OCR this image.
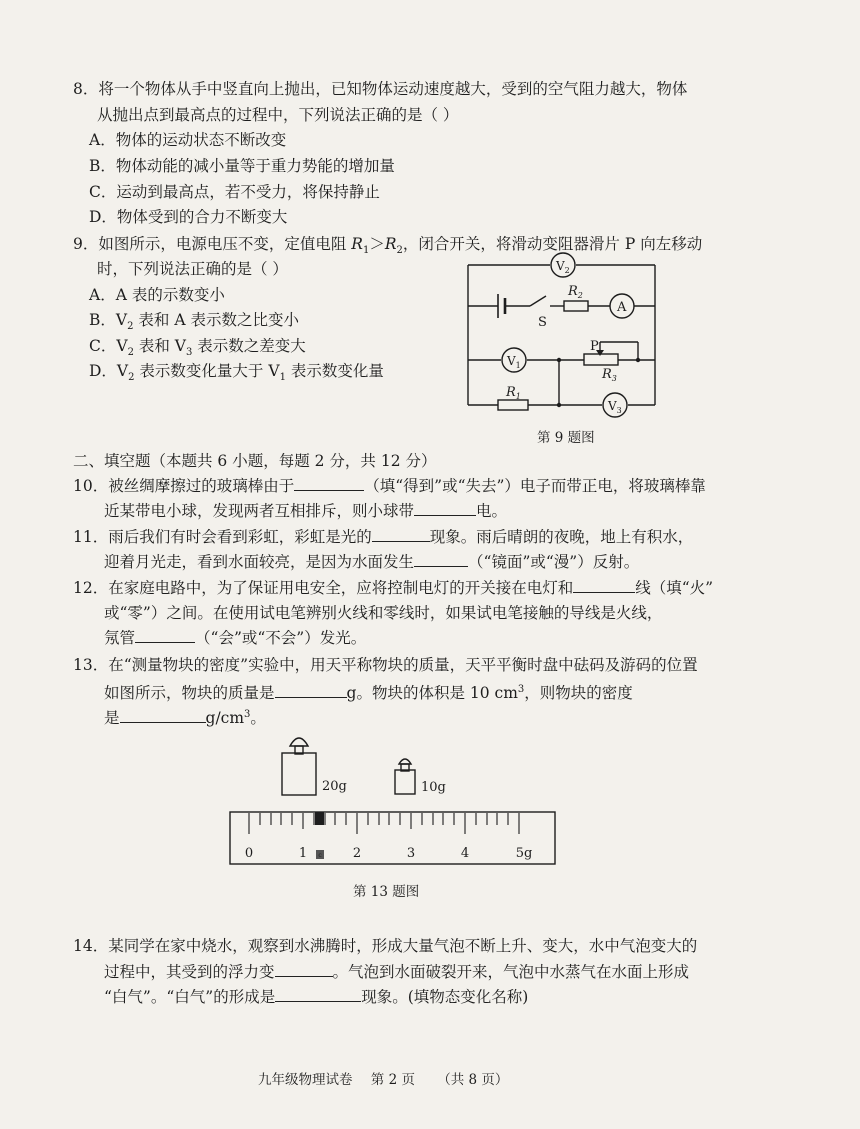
8．将一个物体从手中竖直向上抛出，已知物体运动速度越大，受到的空气阻力越大，物体
从抛出点到最高点的过程中，下列说法正确的是（ ）
A．物体的运动状态不断改变
B．物体动能的减小量等于重力势能的增加量
C．运动到最高点，若不受力，将保持静止
D．物体受到的合力不断变大
9．如图所示，电源电压不变，定值电阻 $R_1>R_2$，闭合开关，将滑动变阻器滑片 P 向左移动
时，下列说法正确的是（ ）
A．A 表的示数变小
B．$V_2$ 表和 A 表示数之比变小
C．$V_2$ 表和 $V_3$ 表示数之差变大
D．$V_2$ 表示数变化量大于 $V_1$ 表示数变化量
$V_2$
A
$V_1$
$V_3$
S
$R_2$
P
$R_3$
$R_1$
第 9 题图
二、填空题（本题共 6 小题，每题 2 分，共 12 分）
10．被丝绸摩擦过的玻璃棒由于	（填“得到”或“失去”）电子而带正电，将玻璃棒靠
近某带电小球，发现两者互相排斥，则小球带	电。
11．雨后我们有时会看到彩虹，彩虹是光的	现象。雨后晴朗的夜晚，地上有积水，
迎着月光走，看到水面较亮，是因为水面发生	（“镜面”或“漫”）反射。
12．在家庭电路中，为了保证用电安全，应将控制电灯的开关接在电灯和	线（填“火”
或“零”）之间。在使用试电笔辨别火线和零线时，如果试电笔接触的导线是火线，
氖管	（“会”或“不会”）发光。
13．在“测量物块的密度”实验中，用天平称物块的质量，天平平衡时盘中砝码及游码的位置
如图所示，物块的质量是	g。物块的体积是 10 $cm^3$，则物块的密度
是	$g/cm^3$。
c
20g	10g
0	1	2	3	4	5g
第 13 题图
14．某同学在家中烧水，观察到水沸腾时，形成大量气泡不断上升、变大，水中气泡变大的
过程中，其受到的浮力变	。气泡到水面破裂开来，气泡中水蒸气在水面上形成
“白气”。“白气”的形成是	现象。(填物态变化名称)
九年级物理试卷 第 2 页 （共 8 页）
